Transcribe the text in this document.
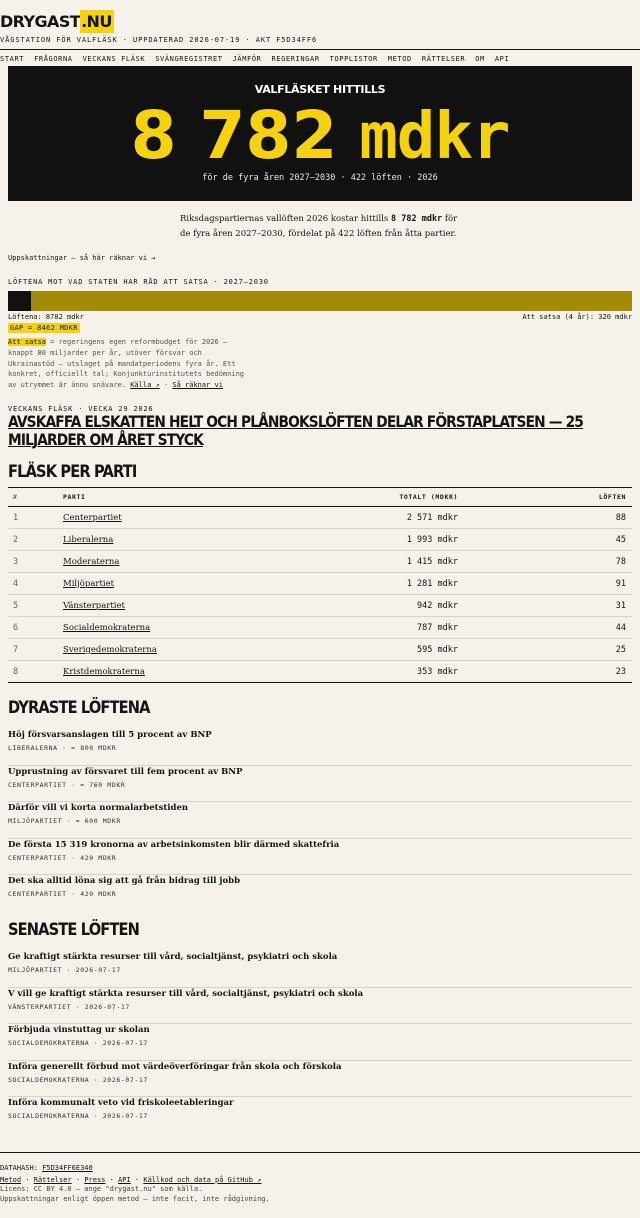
DRYGAST .NU
VÅGSTATION FÖR VALFLÄSK · UPPDATERAD 2026-07-19 · AKT F5D34FF6
START FRÅGORNA VECKANS FLÄSK SVÄNGREGISTRET JÄMFÖR REGERINGAR TOPPLISTOR METOD RÄTTELSER OM API
VALFLÄSKET HITTILLS
8 782 mdkr
för de fyra åren 2027–2030 · 422 löften · 2026

Riksdagspartiernas vallöften 2026 kostar hittills 8 782 mdkr för de fyra åren 2027–2030, fördelat på 422 löften från åtta partier.

Uppskattningar — så här räknar vi →
LÖFTENA MOT VAD STATEN HAR RÅD ATT SATSA · 2027–2030
Löftena: 8782 mdkr	Att satsa (4 år): 320 mdkr
GAP = 8462 MDKR

Att satsa = regeringens egen reformbudget för 2026 — knappt 80 miljarder per år, utöver försvar och Ukrainastöd — utslaget på mandatperiodens fyra år. Ett konkret, officiellt tal; Konjunkturinstitutets bedömning av utrymmet är ännu snävare. Källa ↗ · Så räknar vi

VECKANS FLÄSK · VECKA 29 2026
AVSKAFFA ELSKATTEN HELT OCH PLÅNBOKSLÖFTEN DELAR FÖRSTAPLATSEN — 25 MILJARDER OM ÅRET STYCK
FLÄSK PER PARTI
#	PARTI	TOTALT (MDKR)	LÖFTEN
1	Centerpartiet	2 571 mdkr	88
2	Liberalerna	1 993 mdkr	45
3	Moderaterna	1 415 mdkr	78
4	Miljöpartiet	1 281 mdkr	91
5	Vänsterpartiet	942 mdkr	31
6	Socialdemokraterna	787 mdkr	44
7	Sverigedemokraterna	595 mdkr	25
8	Kristdemokraterna	353 mdkr	23
DYRASTE LÖFTENA
Höj försvarsanslagen till 5 procent av BNP
LIBERALERNA · ≈ 800 MDKR
Upprustning av försvaret till fem procent av BNP
CENTERPARTIET · ≈ 760 MDKR
Därför vill vi korta normalarbetstiden
MILJÖPARTIET · ≈ 600 MDKR
De första 15 319 kronorna av arbetsinkomsten blir därmed skattefria
CENTERPARTIET · 420 MDKR
Det ska alltid löna sig att gå från bidrag till jobb
CENTERPARTIET · 420 MDKR
SENASTE LÖFTEN
Ge kraftigt stärkta resurser till vård, socialtjänst, psykiatri och skola
MILJÖPARTIET · 2026-07-17
V vill ge kraftigt stärkta resurser till vård, socialtjänst, psykiatri och skola
VÄNSTERPARTIET · 2026-07-17
Förbjuda vinstuttag ur skolan
SOCIALDEMOKRATERNA · 2026-07-17
Införa generellt förbud mot värdeöverföringar från skola och förskola
SOCIALDEMOKRATERNA · 2026-07-17
Införa kommunalt veto vid friskoleetableringar
SOCIALDEMOKRATERNA · 2026-07-17
DATAHASH: F5D34FF6E340
Metod · Rättelser · Press · API · Källkod och data på GitHub ↗
Licens: CC BY 4.0 — ange "drygast.nu" som källa.
Uppskattningar enligt öppen metod — inte facit, inte rådgivning.
